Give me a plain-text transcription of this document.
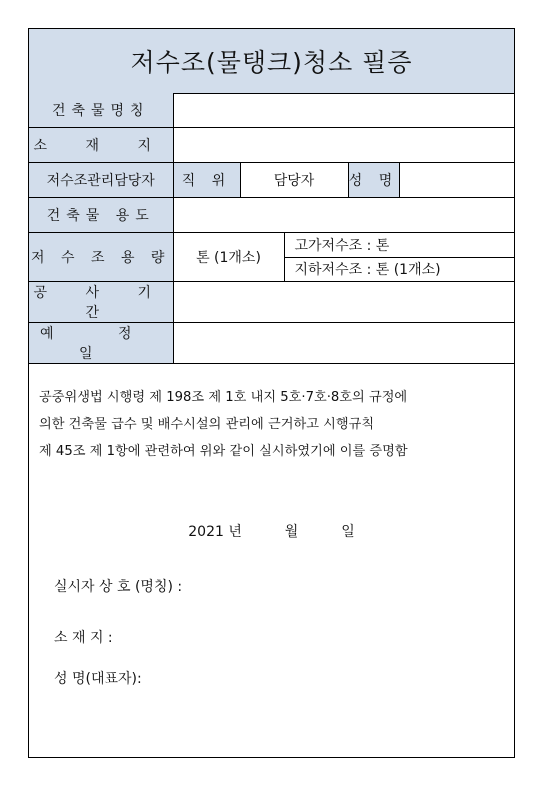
저수조(물탱크)청소 필증
건축물명칭					
소 재 지					
저수조관리담당자	직 위	담당자		성 명	
건축물 용도					
저 수 조 용 량	톤 (1개소)		고가저수조 : 톤
지하저수조 : 톤 (1개소)		

공 사 기 간					
예 정 일					
공중위생법 시행령 제 198조 제 1호 내지 5호·7호·8호의 규정에
의한 건축물 급수 및 배수시설의 관리에 근거하고 시행규칙
제 45조 제 1항에 관련하여 위와 같이 실시하였기에 이를 증명함
2021 년	월	일
실시자 상 호 (명칭) :
소 재 지 :
성 명(대표자):
